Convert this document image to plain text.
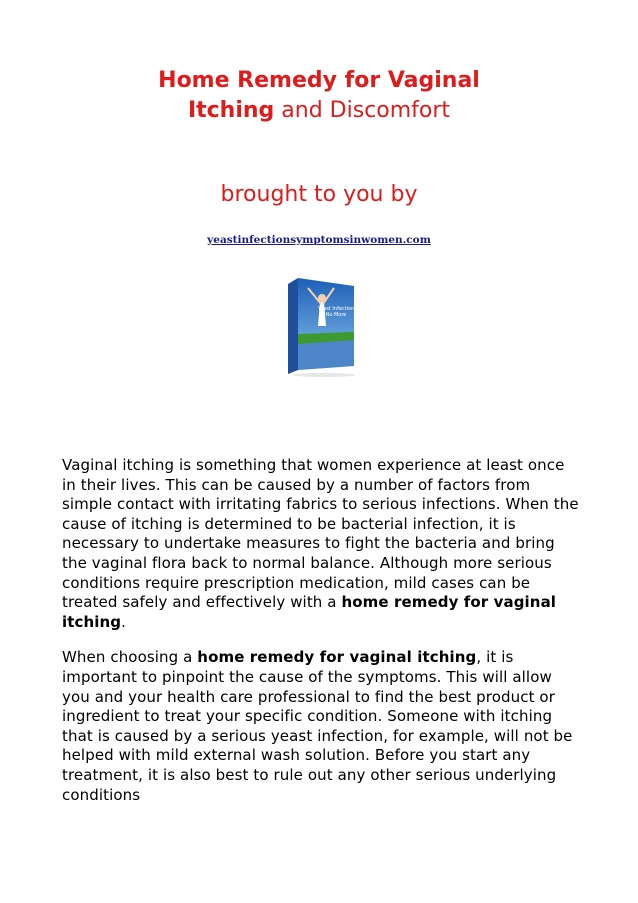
Home Remedy for Vaginal
Itching and Discomfort
brought to you by
yeastinfectionsymptomsinwomen.com
Yeast Infection
No More

Vaginal itching is something that women experience at least once in their lives. This can be caused by a number of factors from simple contact with irritating fabrics to serious infections. When the cause of itching is determined to be bacterial infection, it is necessary to undertake measures to fight the bacteria and bring the vaginal flora back to normal balance. Although more serious conditions require prescription medication, mild cases can be treated safely and effectively with a home remedy for vaginal itching.

When choosing a home remedy for vaginal itching, it is important to pinpoint the cause of the symptoms. This will allow you and your health care professional to find the best product or ingredient to treat your specific condition. Someone with itching that is caused by a serious yeast infection, for example, will not be helped with mild external wash solution. Before you start any treatment, it is also best to rule out any other serious underlying conditions
